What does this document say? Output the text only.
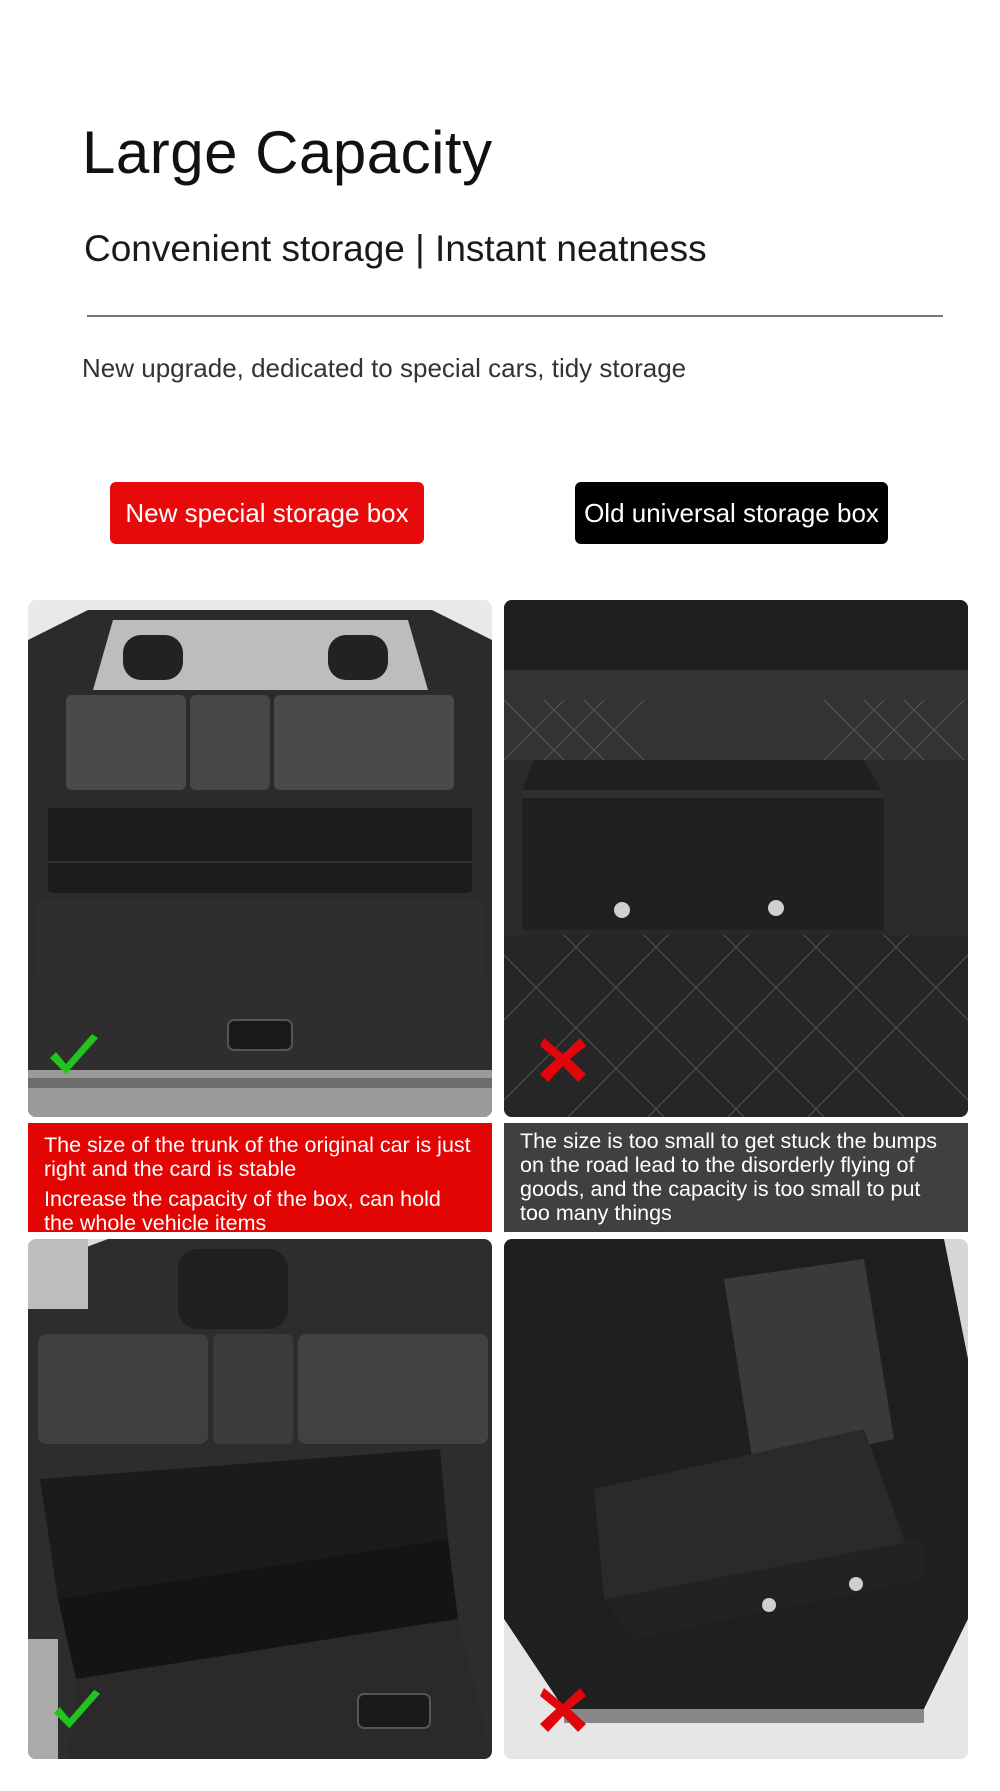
Large Capacity
Convenient storage | Instant neatness
New upgrade, dedicated to special cars, tidy storage
New special storage box	Old universal storage box

The size of the trunk of the original car is just right and the card is stable

Increase the capacity of the box, can hold the whole vehicle items

The size is too small to get stuck the bumps on the road lead to the disorderly flying of goods, and the capacity is too small to put too many things
